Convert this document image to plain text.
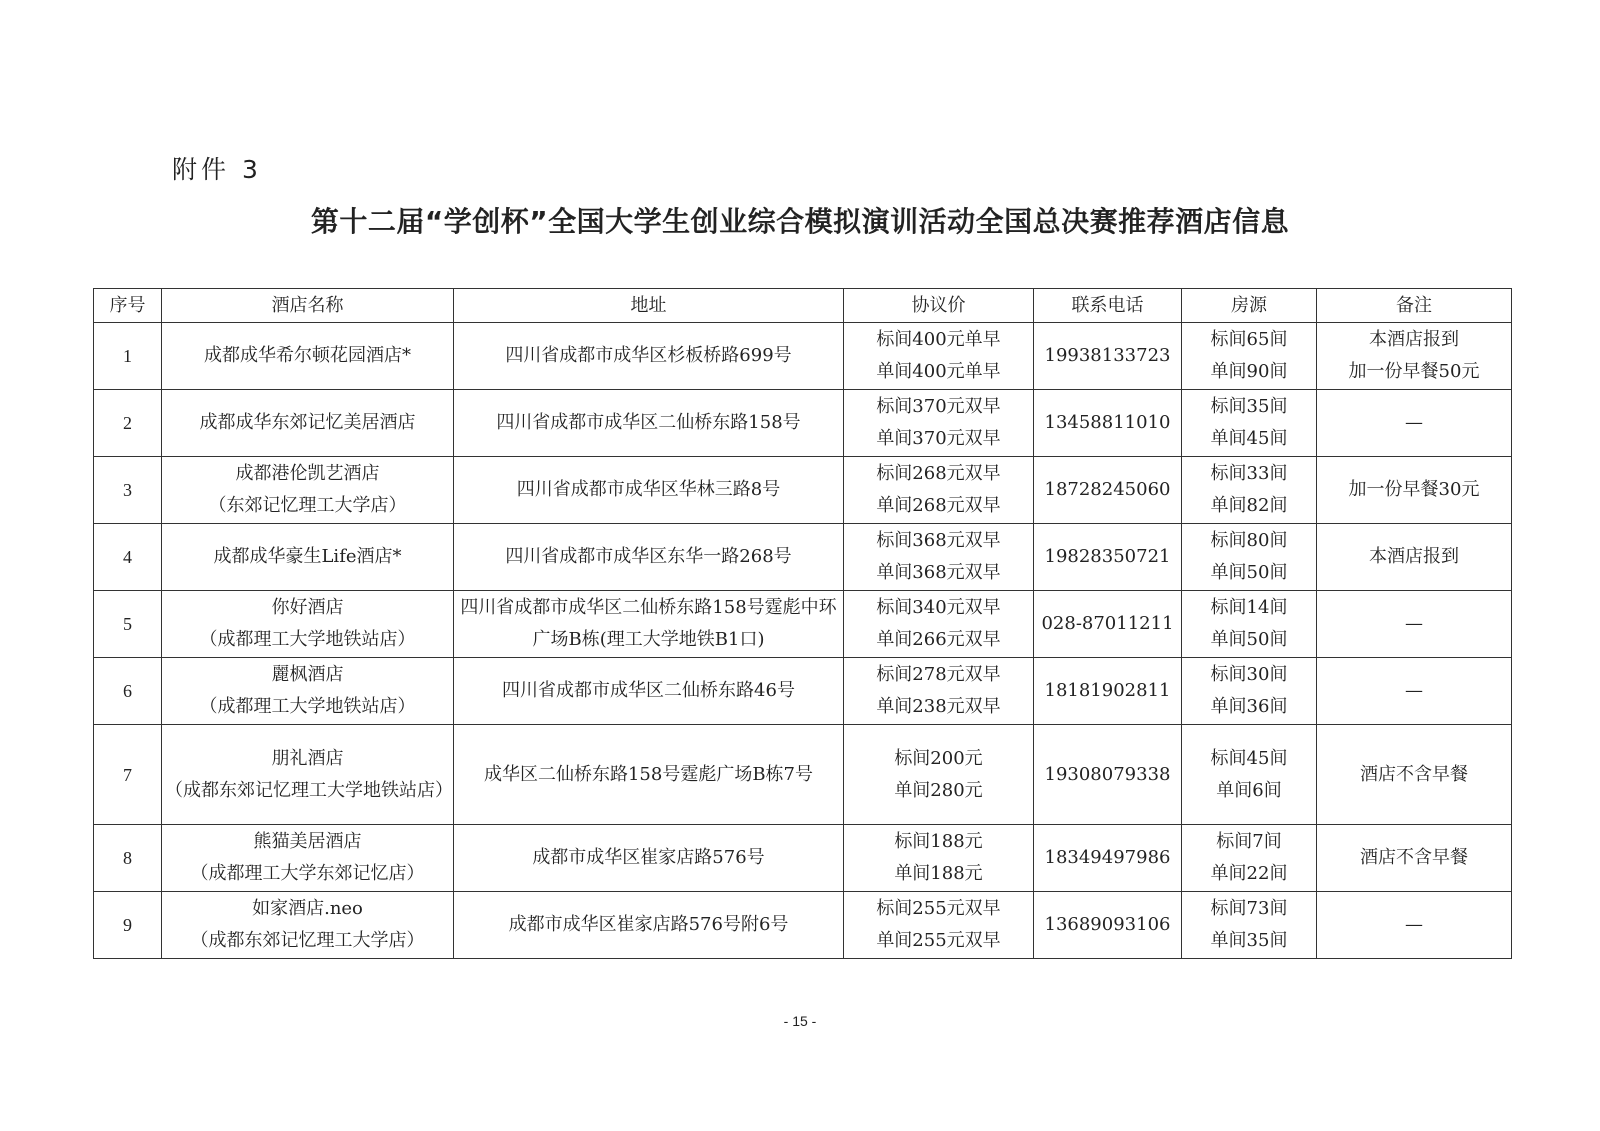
附件 3
第十二届“学创杯”全国大学生创业综合模拟演训活动全国总决赛推荐酒店信息
序号	酒店名称	地址	协议价	联系电话	房源	备注
1	成都成华希尔顿花园酒店*	四川省成都市成华区杉板桥路699号	标间400元单早
单间400元单早	19938133723	标间65间
单间90间	本酒店报到
加一份早餐50元

2	成都成华东郊记忆美居酒店	四川省成都市成华区二仙桥东路158号	标间370元双早
单间370元双早	13458811010	标间35间
单间45间	—

3	成都港伦凯艺酒店
（东郊记忆理工大学店）	四川省成都市成华区华林三路8号	标间268元双早
单间268元双早	18728245060	标间33间
单间82间	加一份早餐30元

4	成都成华豪生Life酒店*	四川省成都市成华区东华一路268号	标间368元双早
单间368元双早	19828350721	标间80间
单间50间	本酒店报到

5	你好酒店
（成都理工大学地铁站店）	四川省成都市成华区二仙桥东路158号霆彪中环广场B栋(理工大学地铁B1口)	标间340元双早
单间266元双早	028-87011211	标间14间
单间50间	—

6	麗枫酒店
（成都理工大学地铁站店）	四川省成都市成华区二仙桥东路46号	标间278元双早
单间238元双早	18181902811	标间30间
单间36间	—

7	朋礼酒店
（成都东郊记忆理工大学地铁站店）	成华区二仙桥东路158号霆彪广场B栋7号	标间200元
单间280元	19308079338	标间45间
单间6间	酒店不含早餐

8	熊猫美居酒店
（成都理工大学东郊记忆店）	成都市成华区崔家店路576号	标间188元
单间188元	18349497986	标间7间
单间22间	酒店不含早餐

9	如家酒店.neo
（成都东郊记忆理工大学店）	成都市成华区崔家店路576号附6号	标间255元双早
单间255元双早	13689093106	标间73间
单间35间	—
- 15 -
